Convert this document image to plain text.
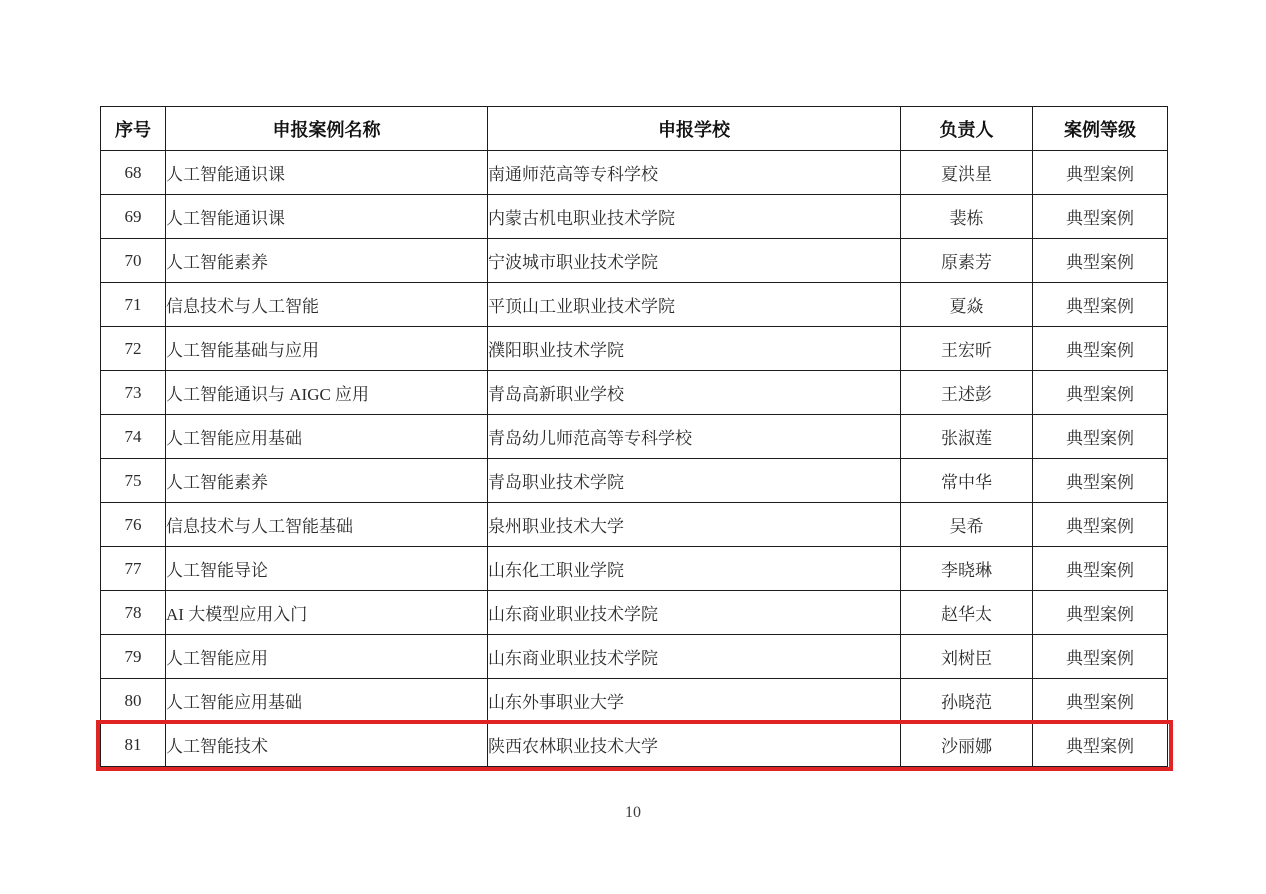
序号	申报案例名称	申报学校	负责人	案例等级
68	人工智能通识课	南通师范高等专科学校	夏洪星	典型案例
69	人工智能通识课	内蒙古机电职业技术学院	裴栋	典型案例
70	人工智能素养	宁波城市职业技术学院	原素芳	典型案例
71	信息技术与人工智能	平顶山工业职业技术学院	夏焱	典型案例
72	人工智能基础与应用	濮阳职业技术学院	王宏昕	典型案例
73	人工智能通识与 AIGC 应用	青岛高新职业学校	王述彭	典型案例
74	人工智能应用基础	青岛幼儿师范高等专科学校	张淑莲	典型案例
75	人工智能素养	青岛职业技术学院	常中华	典型案例
76	信息技术与人工智能基础	泉州职业技术大学	吴希	典型案例
77	人工智能导论	山东化工职业学院	李晓琳	典型案例
78	AI 大模型应用入门	山东商业职业技术学院	赵华太	典型案例
79	人工智能应用	山东商业职业技术学院	刘树臣	典型案例
80	人工智能应用基础	山东外事职业大学	孙晓范	典型案例
81	人工智能技术	陕西农林职业技术大学	沙丽娜	典型案例
10
